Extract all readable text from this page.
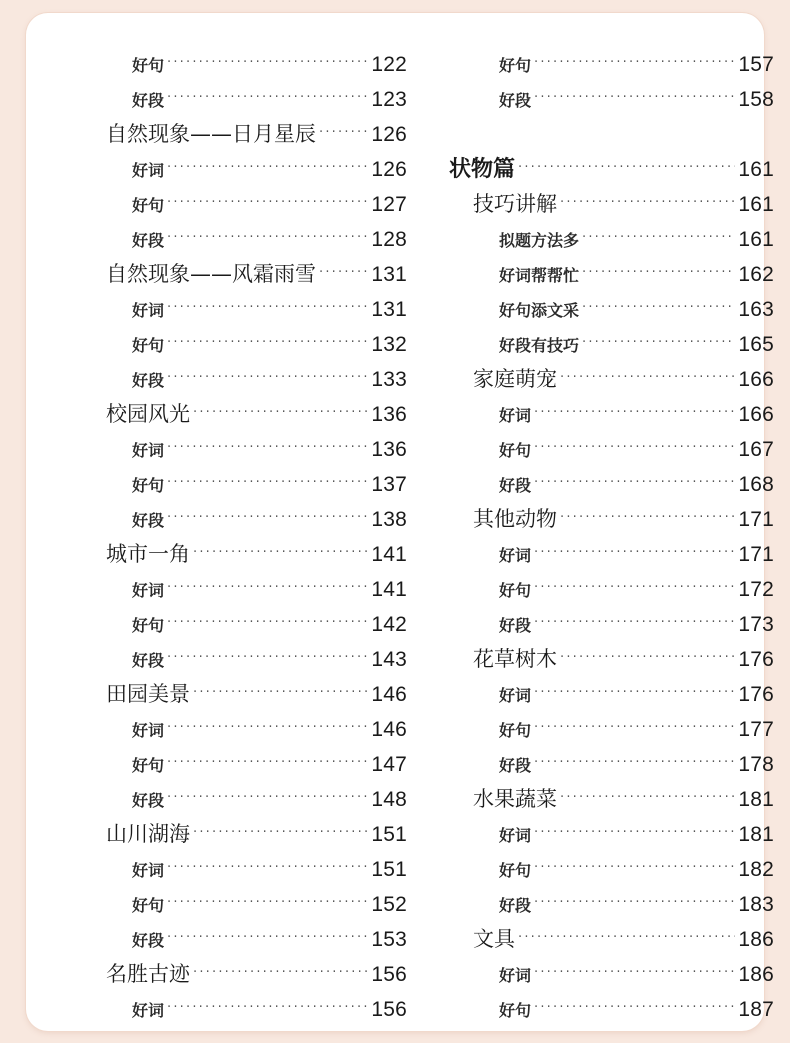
好句 ·····	122
好段 ·····	123
自然现象——日月星辰 ·····	126
好词 ·····	126
好句 ·····	127
好段 ·····	128
自然现象——风霜雨雪 ·····	131
好词 ·····	131
好句 ·····	132
好段 ·····	133
校园风光 ·····	136
好词 ·····	136
好句 ·····	137
好段 ·····	138
城市一角 ·····	141
好词 ·····	141
好句 ·····	142
好段 ·····	143
田园美景 ·····	146
好词 ·····	146
好句 ·····	147
好段 ·····	148
山川湖海 ·····	151
好词 ·····	151
好句 ·····	152
好段 ·····	153
名胜古迹 ·····	156
好词 ·····	156
好句 ·····	157
好段 ·····	158
状物篇 ·····	161
技巧讲解 ·····	161
拟题方法多 ·····	161
好词帮帮忙 ·····	162
好句添文采 ·····	163
好段有技巧 ·····	165
家庭萌宠 ·····	166
好词 ·····	166
好句 ·····	167
好段 ·····	168
其他动物 ·····	171
好词 ·····	171
好句 ·····	172
好段 ·····	173
花草树木 ·····	176
好词 ·····	176
好句 ·····	177
好段 ·····	178
水果蔬菜 ·····	181
好词 ·····	181
好句 ·····	182
好段 ·····	183
文具 ·····	186
好词 ·····	186
好句 ·····	187
